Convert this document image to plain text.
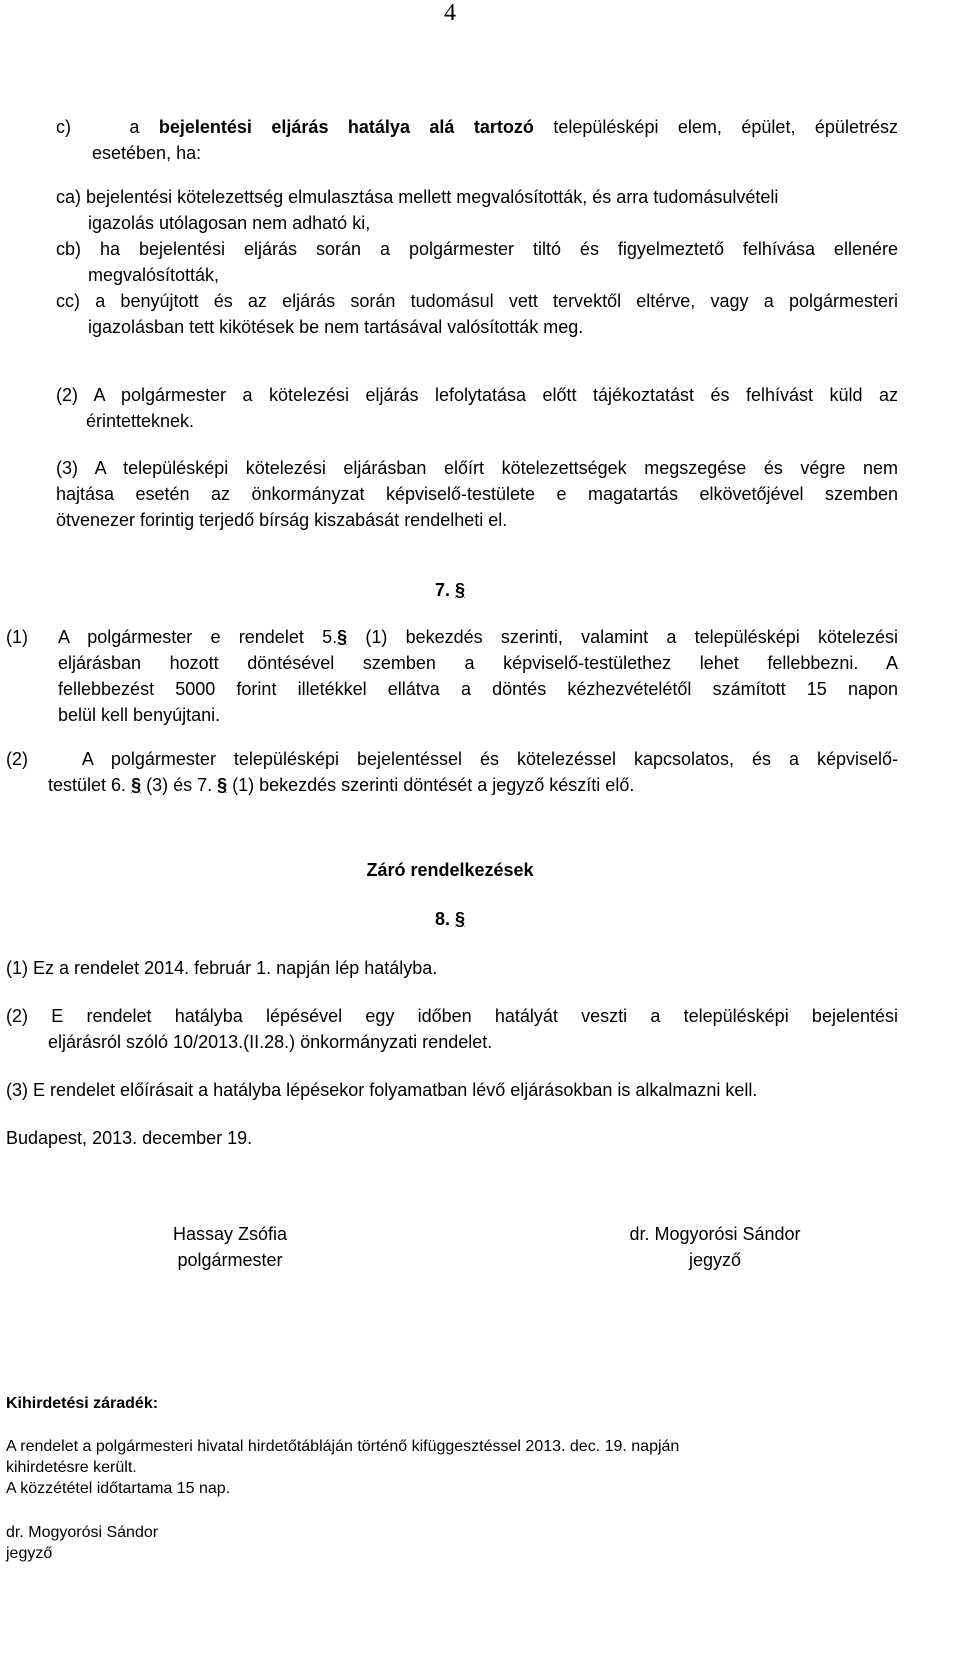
4
c)	a bejelentési eljárás hatálya alá tartozó településképi elem, épület, épületrész
esetében, ha:
ca) bejelentési kötelezettség elmulasztása mellett megvalósították, és arra tudomásulvételi
igazolás utólagosan nem adható ki,
cb) ha bejelentési eljárás során a polgármester tiltó és figyelmeztető felhívása ellenére
megvalósították,
cc) a benyújtott és az eljárás során tudomásul vett tervektől eltérve, vagy a polgármesteri
igazolásban tett kikötések be nem tartásával valósították meg.
(2) A polgármester a kötelezési eljárás lefolytatása előtt tájékoztatást és felhívást küld az
érintetteknek.
(3) A településképi kötelezési eljárásban előírt kötelezettségek megszegése és végre nem
hajtása esetén az önkormányzat képviselő-testülete e magatartás elkövetőjével szemben
ötvenezer forintig terjedő bírság kiszabását rendelheti el.
7. §
(1)	A polgármester e rendelet 5.§ (1) bekezdés szerinti, valamint a településképi kötelezési
eljárásban hozott döntésével szemben a képviselő-testülethez lehet fellebbezni. A
fellebbezést 5000 forint illetékkel ellátva a döntés kézhezvételétől számított 15 napon
belül kell benyújtani.
(2)	A polgármester településképi bejelentéssel és kötelezéssel kapcsolatos, és a képviselő-
testület 6. § (3) és 7. § (1) bekezdés szerinti döntését a jegyző készíti elő.
Záró rendelkezések
8. §
(1) Ez a rendelet 2014. február 1. napján lép hatályba.
(2) E rendelet hatályba lépésével egy időben hatályát veszti a településképi bejelentési
eljárásról szóló 10/2013.(II.28.) önkormányzati rendelet.
(3) E rendelet előírásait a hatályba lépésekor folyamatban lévő eljárásokban is alkalmazni kell.
Budapest, 2013. december 19.
Hassay Zsófia
polgármester
dr. Mogyorósi Sándor
jegyző
Kihirdetési záradék:
A rendelet a polgármesteri hivatal hirdetőtábláján történő kifüggesztéssel 2013. dec. 19. napján
kihirdetésre került.
A közzététel időtartama 15 nap.
dr. Mogyorósi Sándor
jegyző
